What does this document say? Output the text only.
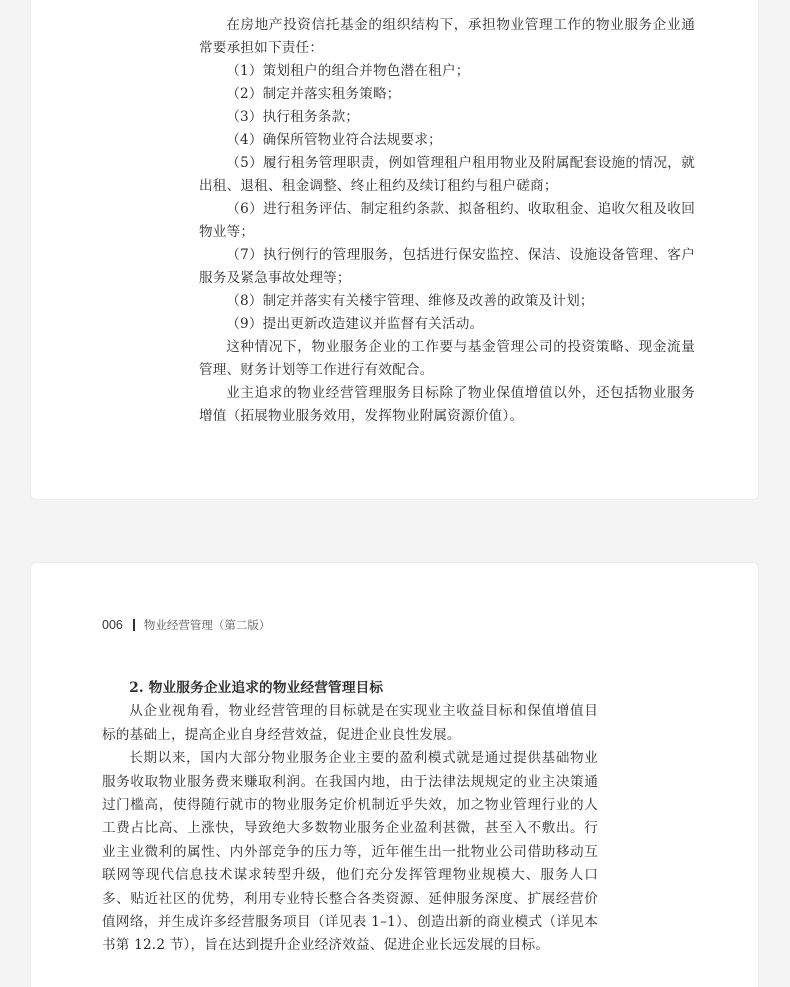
在房地产投资信托基金的组织结构下，承担物业管理工作的物业服务企业通常要承担如下责任：

（1）策划租户的组合并物色潜在租户；

（2）制定并落实租务策略；

（3）执行租务条款；

（4）确保所管物业符合法规要求；

（5）履行租务管理职责，例如管理租户租用物业及附属配套设施的情况，就出租、退租、租金调整、终止租约及续订租约与租户磋商；

（6）进行租务评估、制定租约条款、拟备租约、收取租金、追收欠租及收回物业等；

（7）执行例行的管理服务，包括进行保安监控、保洁、设施设备管理、客户服务及紧急事故处理等；

（8）制定并落实有关楼宇管理、维修及改善的政策及计划；

（9）提出更新改造建议并监督有关活动。

这种情况下，物业服务企业的工作要与基金管理公司的投资策略、现金流量管理、财务计划等工作进行有效配合。

业主追求的物业经营管理服务目标除了物业保值增值以外，还包括物业服务增值（拓展物业服务效用，发挥物业附属资源价值）。

006 物业经营管理（第二版）

2. 物业服务企业追求的物业经营管理目标

从企业视角看，物业经营管理的目标就是在实现业主收益目标和保值增值目标的基础上，提高企业自身经营效益，促进企业良性发展。

长期以来，国内大部分物业服务企业主要的盈利模式就是通过提供基础物业服务收取物业服务费来赚取利润。在我国内地，由于法律法规规定的业主决策通过门槛高，使得随行就市的物业服务定价机制近乎失效，加之物业管理行业的人工费占比高、上涨快，导致绝大多数物业服务企业盈利甚微，甚至入不敷出。行业主业微利的属性、内外部竞争的压力等，近年催生出一批物业公司借助移动互联网等现代信息技术谋求转型升级，他们充分发挥管理物业规模大、服务人口多、贴近社区的优势，利用专业特长整合各类资源、延伸服务深度、扩展经营价值网络，并生成许多经营服务项目（详见表 1–1）、创造出新的商业模式（详见本书第 12.2 节），旨在达到提升企业经济效益、促进企业长远发展的目标。
